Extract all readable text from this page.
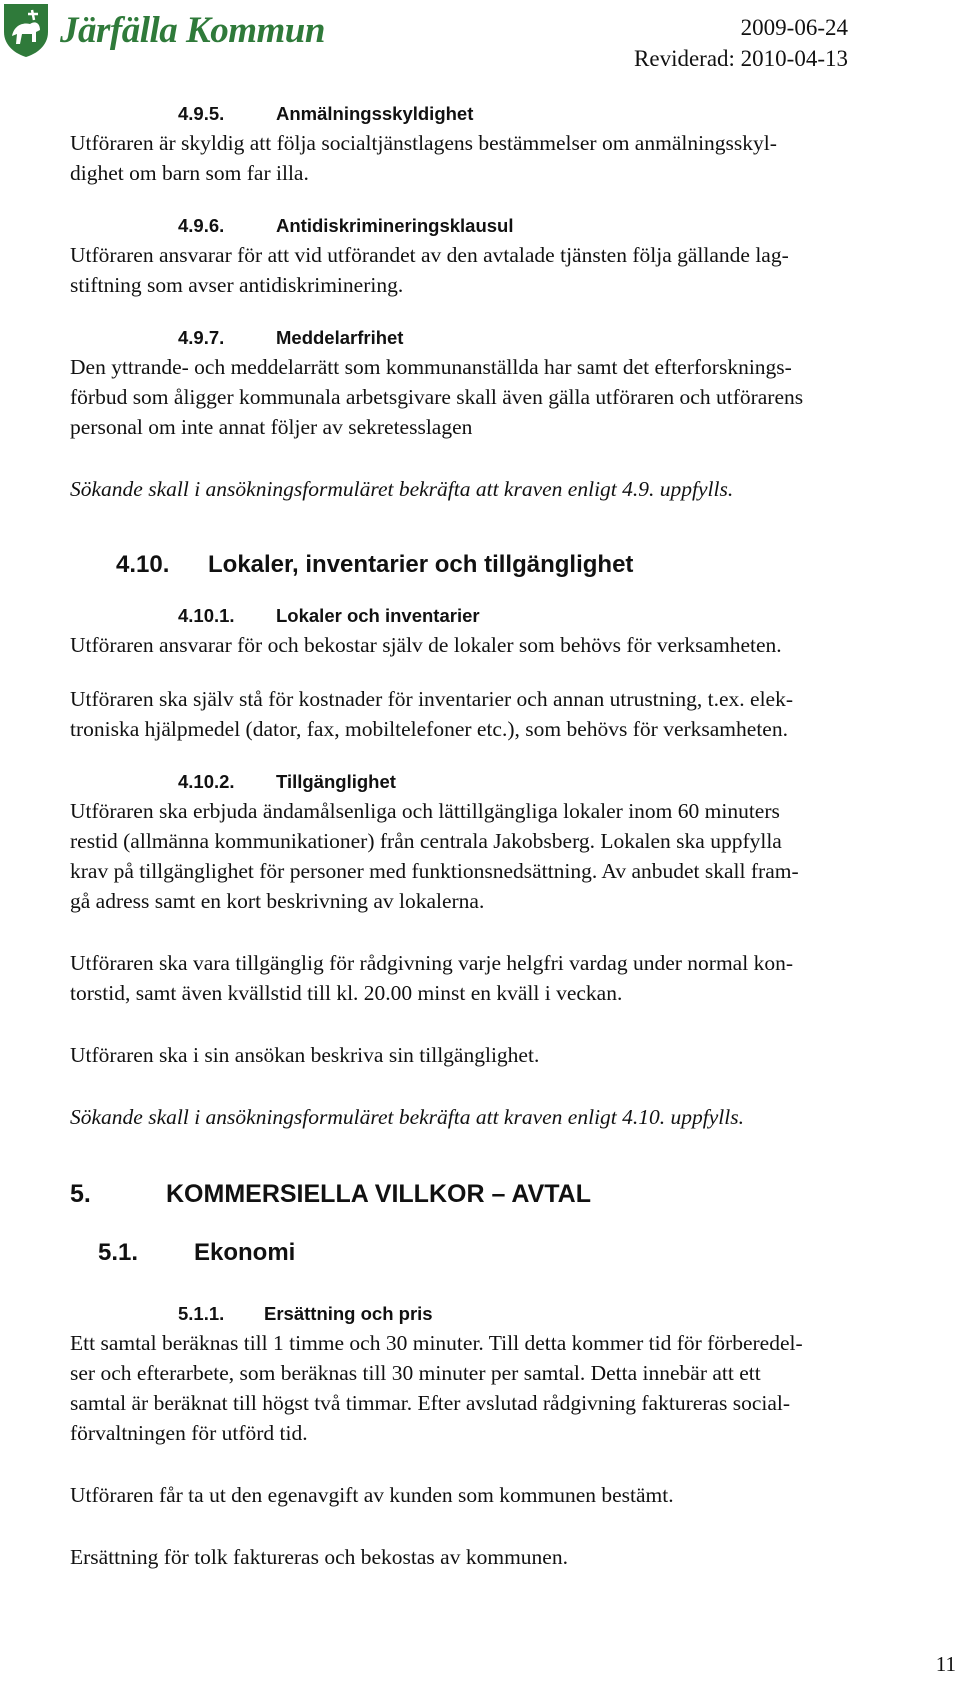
Järfälla Kommun	2009-06-24
Reviderad: 2010-04-13
4.9.5.	Anmälningsskyldighet

Utföraren är skyldig att följa socialtjänstlagens bestämmelser om anmälningsskyl-

dighet om barn som far illa.

4.9.6.	Antidiskrimineringsklausul

Utföraren ansvarar för att vid utförandet av den avtalade tjänsten följa gällande lag-

stiftning som avser antidiskriminering.

4.9.7.	Meddelarfrihet

Den yttrande- och meddelarrätt som kommunanställda har samt det efterforsknings-

förbud som åligger kommunala arbetsgivare skall även gälla utföraren och utförarens

personal om inte annat följer av sekretesslagen

Sökande skall i ansökningsformuläret bekräfta att kraven enligt 4.9. uppfylls.

4.10. Lokaler, inventarier och tillgänglighet
4.10.1. Lokaler och inventarier

Utföraren ansvarar för och bekostar själv de lokaler som behövs för verksamheten.

Utföraren ska själv stå för kostnader för inventarier och annan utrustning, t.ex. elek-

troniska hjälpmedel (dator, fax, mobiltelefoner etc.), som behövs för verksamheten.

4.10.2. Tillgänglighet

Utföraren ska erbjuda ändamålsenliga och lättillgängliga lokaler inom 60 minuters

restid (allmänna kommunikationer) från centrala Jakobsberg. Lokalen ska uppfylla

krav på tillgänglighet för personer med funktionsnedsättning. Av anbudet skall fram-

gå adress samt en kort beskrivning av lokalerna.

Utföraren ska vara tillgänglig för rådgivning varje helgfri vardag under normal kon-

torstid, samt även kvällstid till kl. 20.00 minst en kväll i veckan.

Utföraren ska i sin ansökan beskriva sin tillgänglighet.

Sökande skall i ansökningsformuläret bekräfta att kraven enligt 4.10. uppfylls.

5.	KOMMERSIELLA VILLKOR – AVTAL
5.1. Ekonomi
5.1.1. Ersättning och pris

Ett samtal beräknas till 1 timme och 30 minuter. Till detta kommer tid för förberedel-

ser och efterarbete, som beräknas till 30 minuter per samtal. Detta innebär att ett

samtal är beräknat till högst två timmar. Efter avslutad rådgivning faktureras social-

förvaltningen för utförd tid.

Utföraren får ta ut den egenavgift av kunden som kommunen bestämt.

Ersättning för tolk faktureras och bekostas av kommunen.

11
